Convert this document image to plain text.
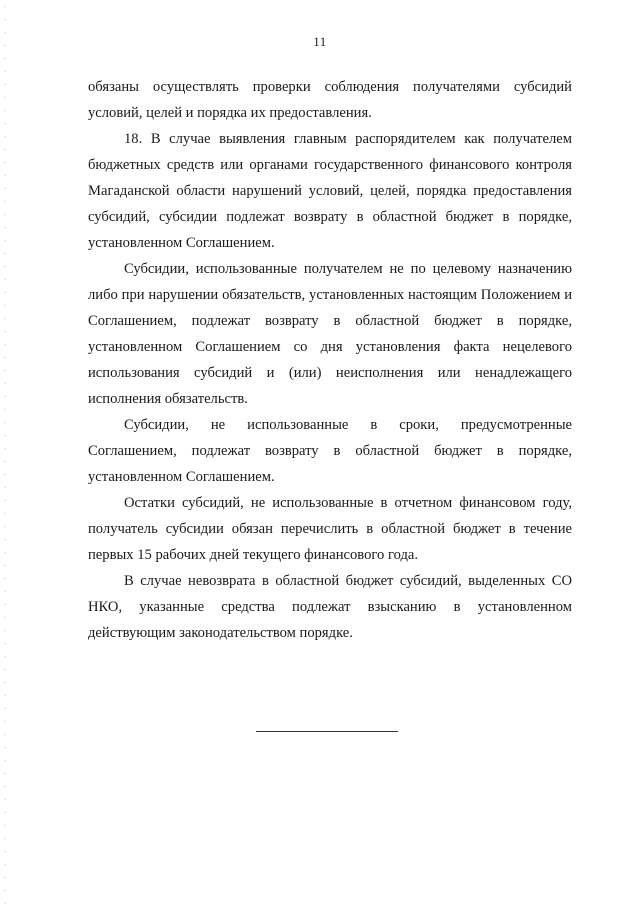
11

обязаны осуществлять проверки соблюдения получателями субсидий условий, целей и порядка их предоставления.

18. В случае выявления главным распорядителем как получателем бюджетных средств или органами государственного финансового контроля Магаданской области нарушений условий, целей, порядка предоставления субсидий, субсидии подлежат возврату в областной бюджет в порядке, установленном Соглашением.

Субсидии, использованные получателем не по целевому назначению либо при нарушении обязательств, установленных настоящим Положением и Соглашением, подлежат возврату в областной бюджет в порядке, установленном Соглашением со дня установления факта нецелевого использования субсидий и (или) неисполнения или ненадлежащего исполнения обязательств.

Субсидии, не использованные в сроки, предусмотренные Соглашением, подлежат возврату в областной бюджет в порядке, установленном Соглашением.

Остатки субсидий, не использованные в отчетном финансовом году, получатель субсидии обязан перечислить в областной бюджет в течение первых 15 рабочих дней текущего финансового года.

В случае невозврата в областной бюджет субсидий, выделенных СО НКО, указанные средства подлежат взысканию в установленном действующим законодательством порядке.
